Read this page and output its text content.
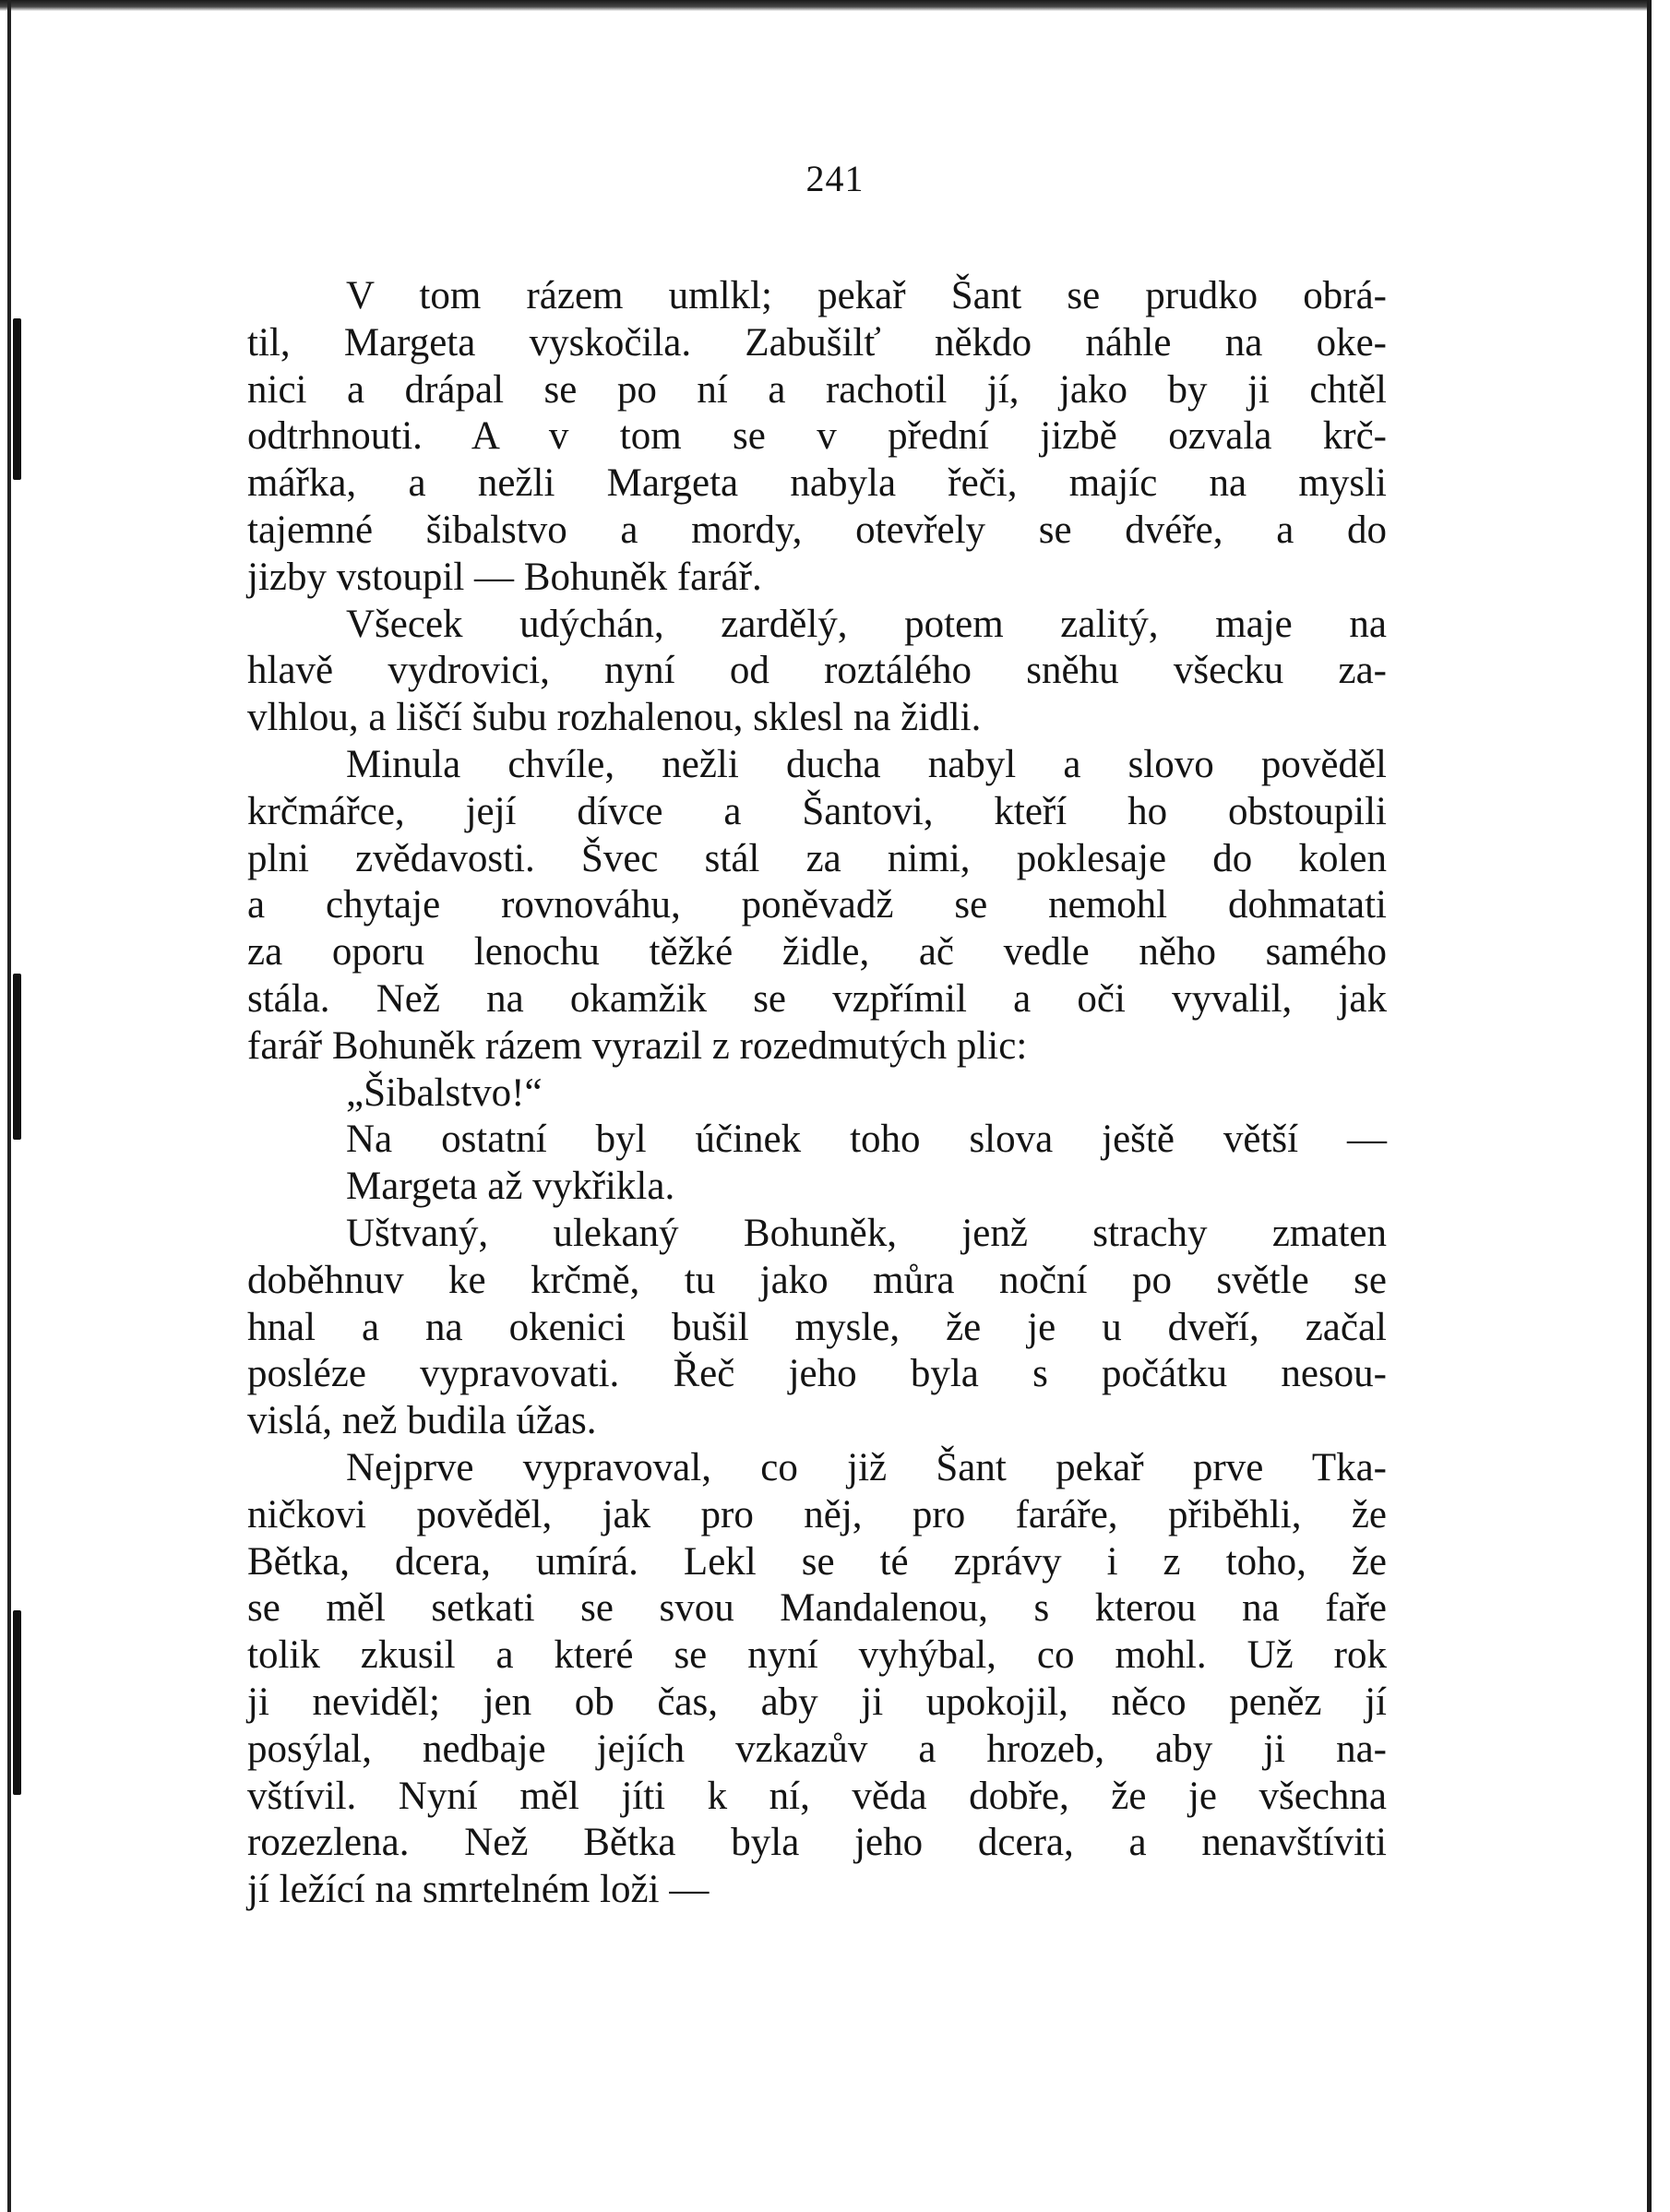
241
V tom rázem umlkl; pekař Šant se prudko obrá-
til, Margeta vyskočila. Zabušilť někdo náhle na oke-
nici a drápal se po ní a rachotil jí, jako by ji chtěl
odtrhnouti. A v tom se v přední jizbě ozvala krč-
mářka, a nežli Margeta nabyla řeči, majíc na mysli
tajemné šibalstvo a mordy, otevřely se dvéře, a do
jizby vstoupil — Bohuněk farář.
Všecek udýchán, zardělý, potem zalitý, maje na
hlavě vydrovici, nyní od roztálého sněhu všecku za-
vlhlou, a liščí šubu rozhalenou, sklesl na židli.
Minula chvíle, nežli ducha nabyl a slovo pověděl
krčmářce, její dívce a Šantovi, kteří ho obstoupili
plni zvědavosti. Švec stál za nimi, poklesaje do kolen
a chytaje rovnováhu, poněvadž se nemohl dohmatati
za oporu lenochu těžké židle, ač vedle něho samého
stála. Než na okamžik se vzpřímil a oči vyvalil, jak
farář Bohuněk rázem vyrazil z rozedmutých plic:
„Šibalstvo!“
Na ostatní byl účinek toho slova ještě větší —
Margeta až vykřikla.
Uštvaný, ulekaný Bohuněk, jenž strachy zmaten
doběhnuv ke krčmě, tu jako můra noční po světle se
hnal a na okenici bušil mysle, že je u dveří, začal
posléze vypravovati. Řeč jeho byla s počátku nesou-
vislá, než budila úžas.
Nejprve vypravoval, co již Šant pekař prve Tka-
ničkovi pověděl, jak pro něj, pro faráře, přiběhli, že
Bětka, dcera, umírá. Lekl se té zprávy i z toho, že
se měl setkati se svou Mandalenou, s kterou na faře
tolik zkusil a které se nyní vyhýbal, co mohl. Už rok
ji neviděl; jen ob čas, aby ji upokojil, něco peněz jí
posýlal, nedbaje jejích vzkazův a hrozeb, aby ji na-
vštívil. Nyní měl jíti k ní, věda dobře, že je všechna
rozezlena. Než Bětka byla jeho dcera, a nenavštíviti
jí ležící na smrtelném loži —
